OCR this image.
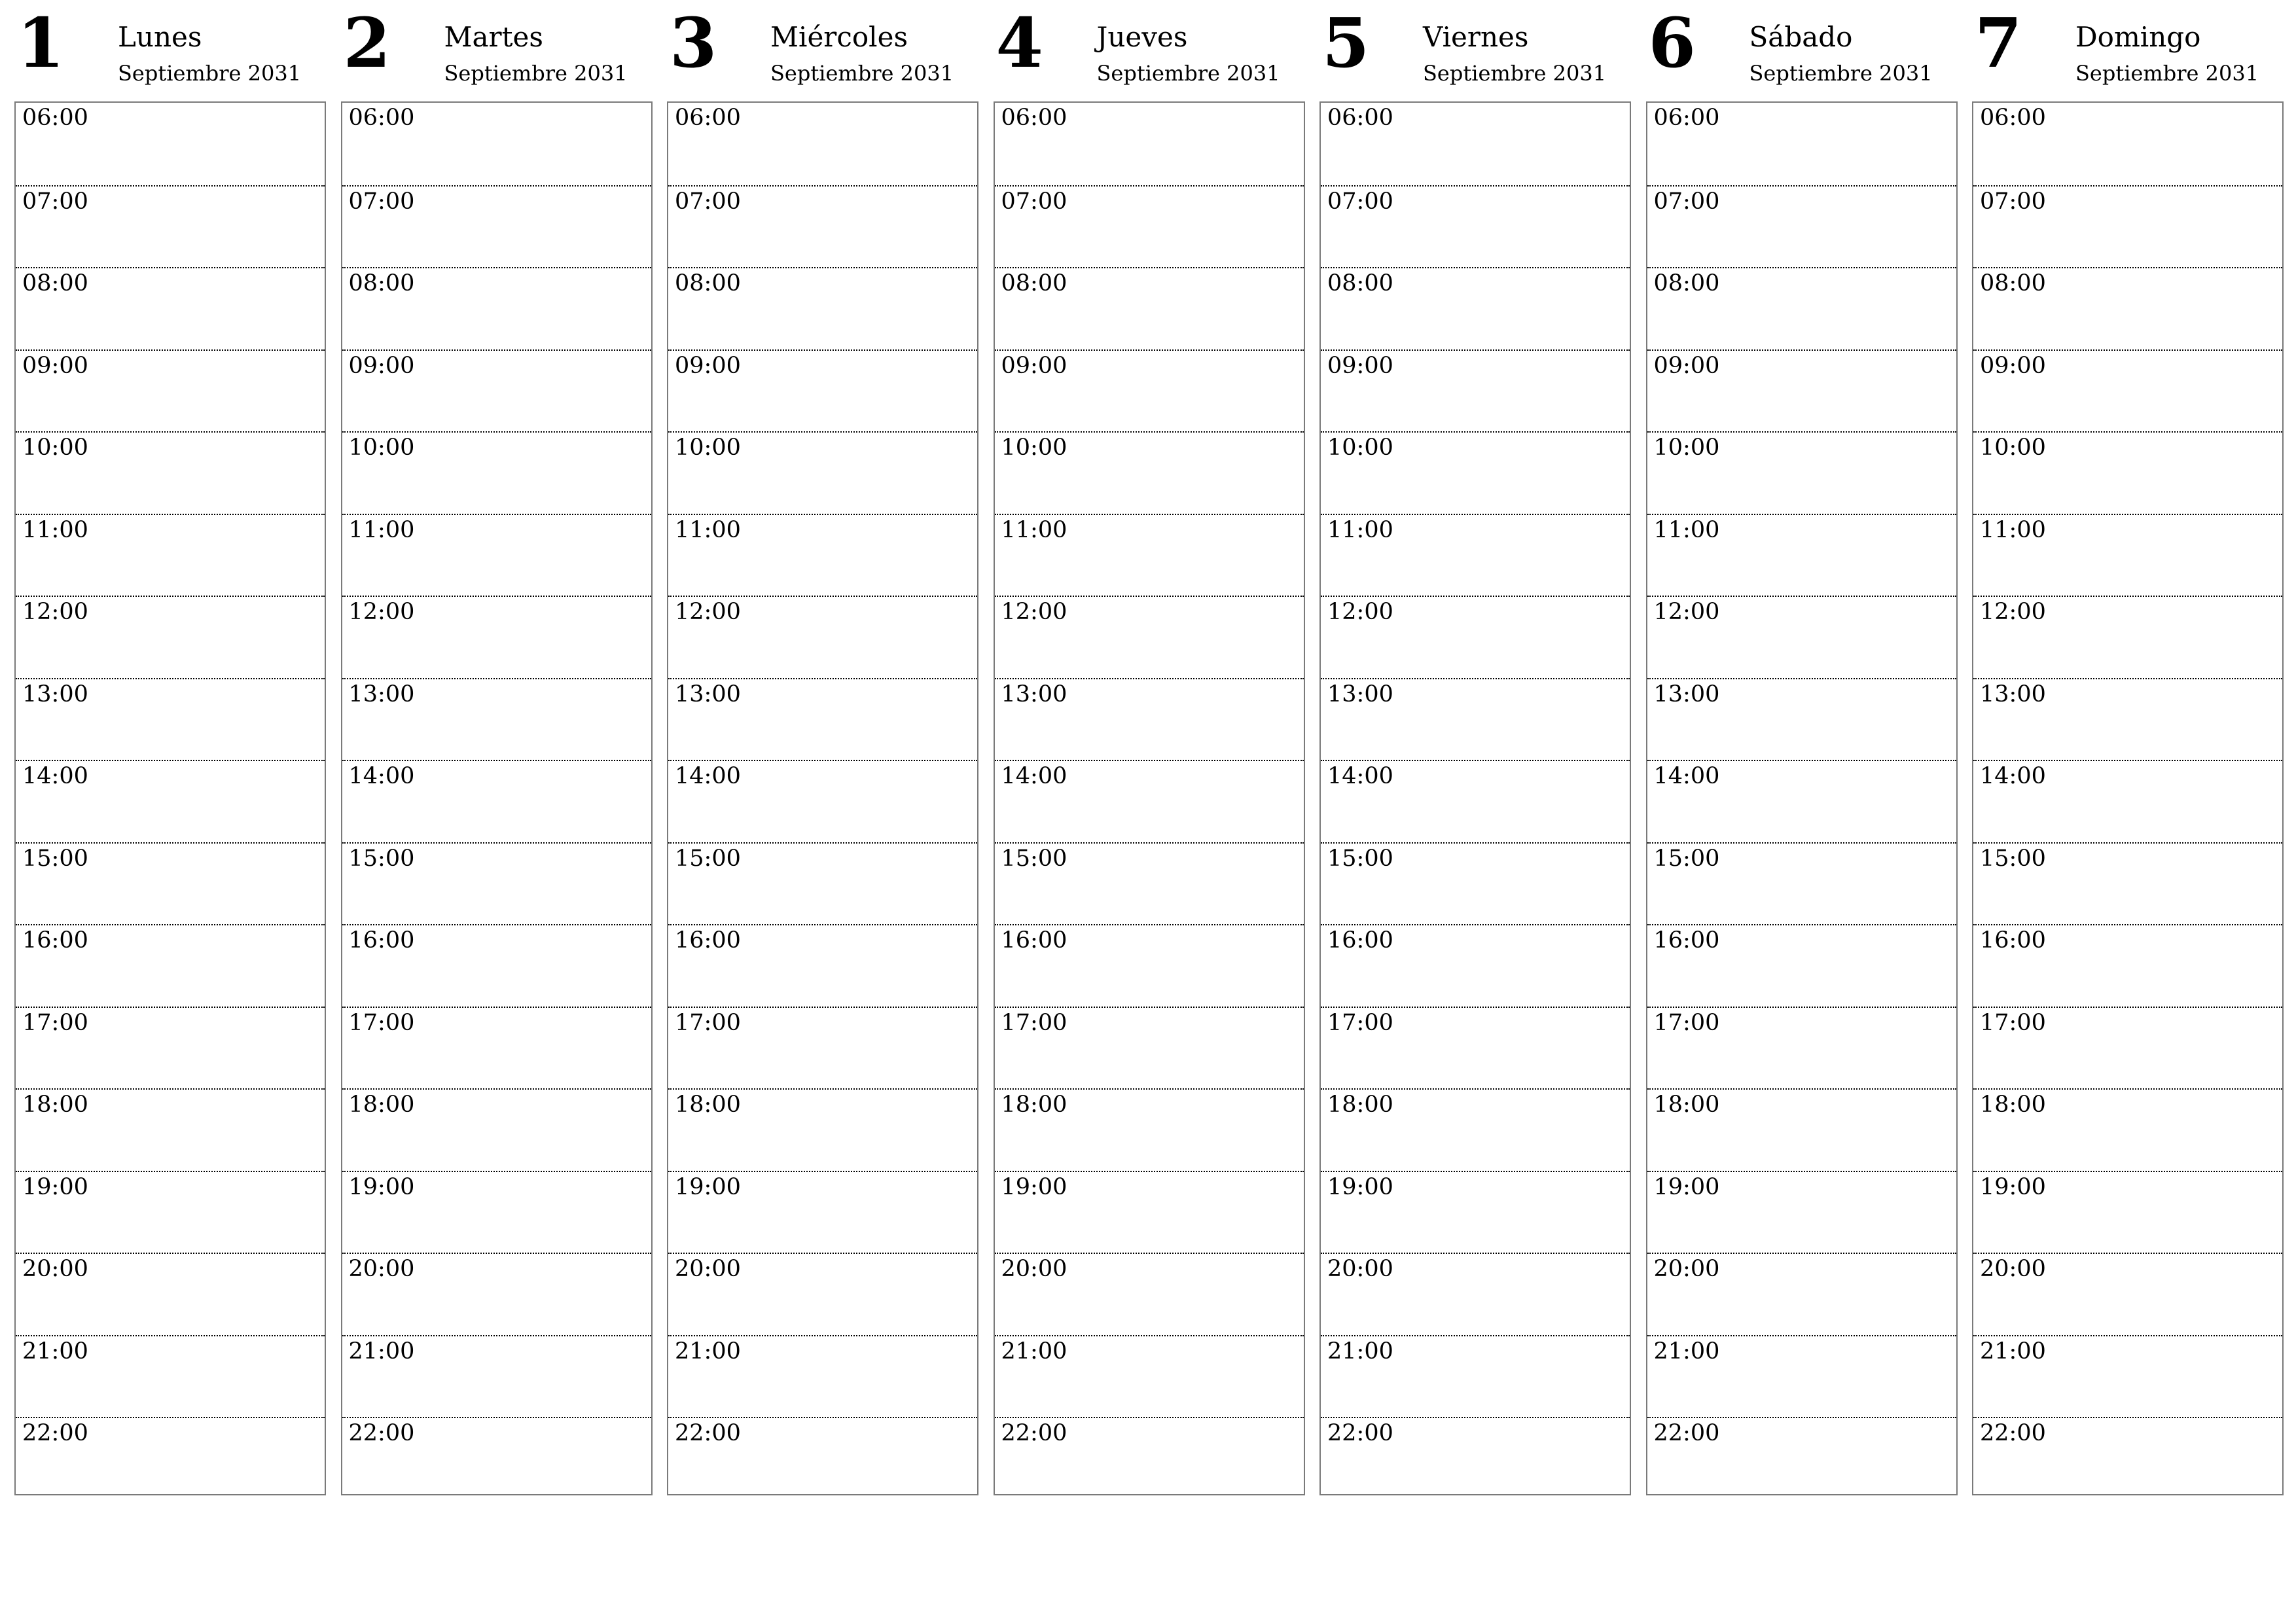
1 Lunes
Septiembre 2031
06:00
07:00
08:00
09:00
10:00
11:00
12:00
13:00
14:00
15:00
16:00
17:00
18:00
19:00
20:00
21:00
22:00
2 Martes
Septiembre 2031
06:00
07:00
08:00
09:00
10:00
11:00
12:00
13:00
14:00
15:00
16:00
17:00
18:00
19:00
20:00
21:00
22:00
3 Miércoles
Septiembre 2031
06:00
07:00
08:00
09:00
10:00
11:00
12:00
13:00
14:00
15:00
16:00
17:00
18:00
19:00
20:00
21:00
22:00
4 Jueves
Septiembre 2031
06:00
07:00
08:00
09:00
10:00
11:00
12:00
13:00
14:00
15:00
16:00
17:00
18:00
19:00
20:00
21:00
22:00
5 Viernes
Septiembre 2031
06:00
07:00
08:00
09:00
10:00
11:00
12:00
13:00
14:00
15:00
16:00
17:00
18:00
19:00
20:00
21:00
22:00
6 Sábado
Septiembre 2031
06:00
07:00
08:00
09:00
10:00
11:00
12:00
13:00
14:00
15:00
16:00
17:00
18:00
19:00
20:00
21:00
22:00
7 Domingo
Septiembre 2031
06:00
07:00
08:00
09:00
10:00
11:00
12:00
13:00
14:00
15:00
16:00
17:00
18:00
19:00
20:00
21:00
22:00
